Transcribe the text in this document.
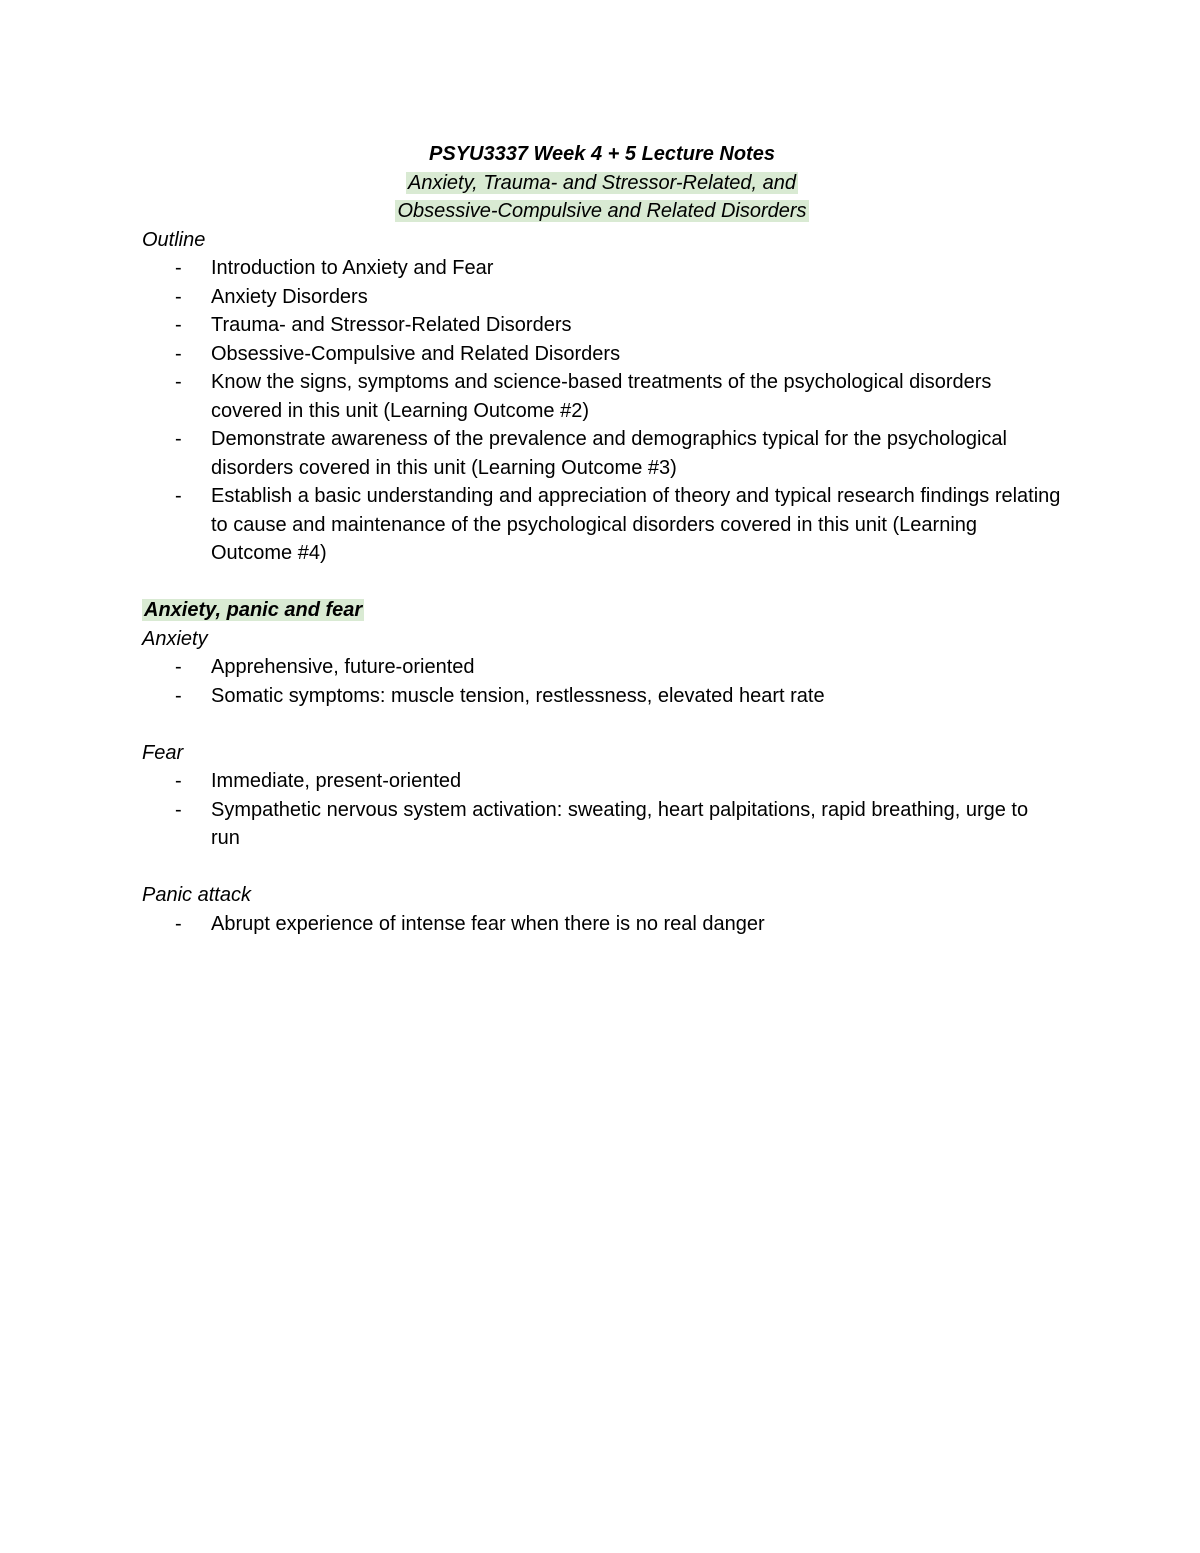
PSYU3337 Week 4 + 5 Lecture Notes
Anxiety, Trauma- and Stressor-Related, and
Obsessive-Compulsive and Related Disorders
Outline
- Introduction to Anxiety and Fear
- Anxiety Disorders
- Trauma- and Stressor-Related Disorders
- Obsessive-Compulsive and Related Disorders
- Know the signs, symptoms and science-based treatments of the psychological disorders covered in this unit (Learning Outcome #2)
- Demonstrate awareness of the prevalence and demographics typical for the psychological disorders covered in this unit (Learning Outcome #3)
- Establish a basic understanding and appreciation of theory and typical research findings relating to cause and maintenance of the psychological disorders covered in this unit (Learning Outcome #4)
Anxiety, panic and fear
Anxiety
- Apprehensive, future-oriented
- Somatic symptoms: muscle tension, restlessness, elevated heart rate
Fear
- Immediate, present-oriented
- Sympathetic nervous system activation: sweating, heart palpitations, rapid breathing, urge to run
Panic attack
- Abrupt experience of intense fear when there is no real danger
